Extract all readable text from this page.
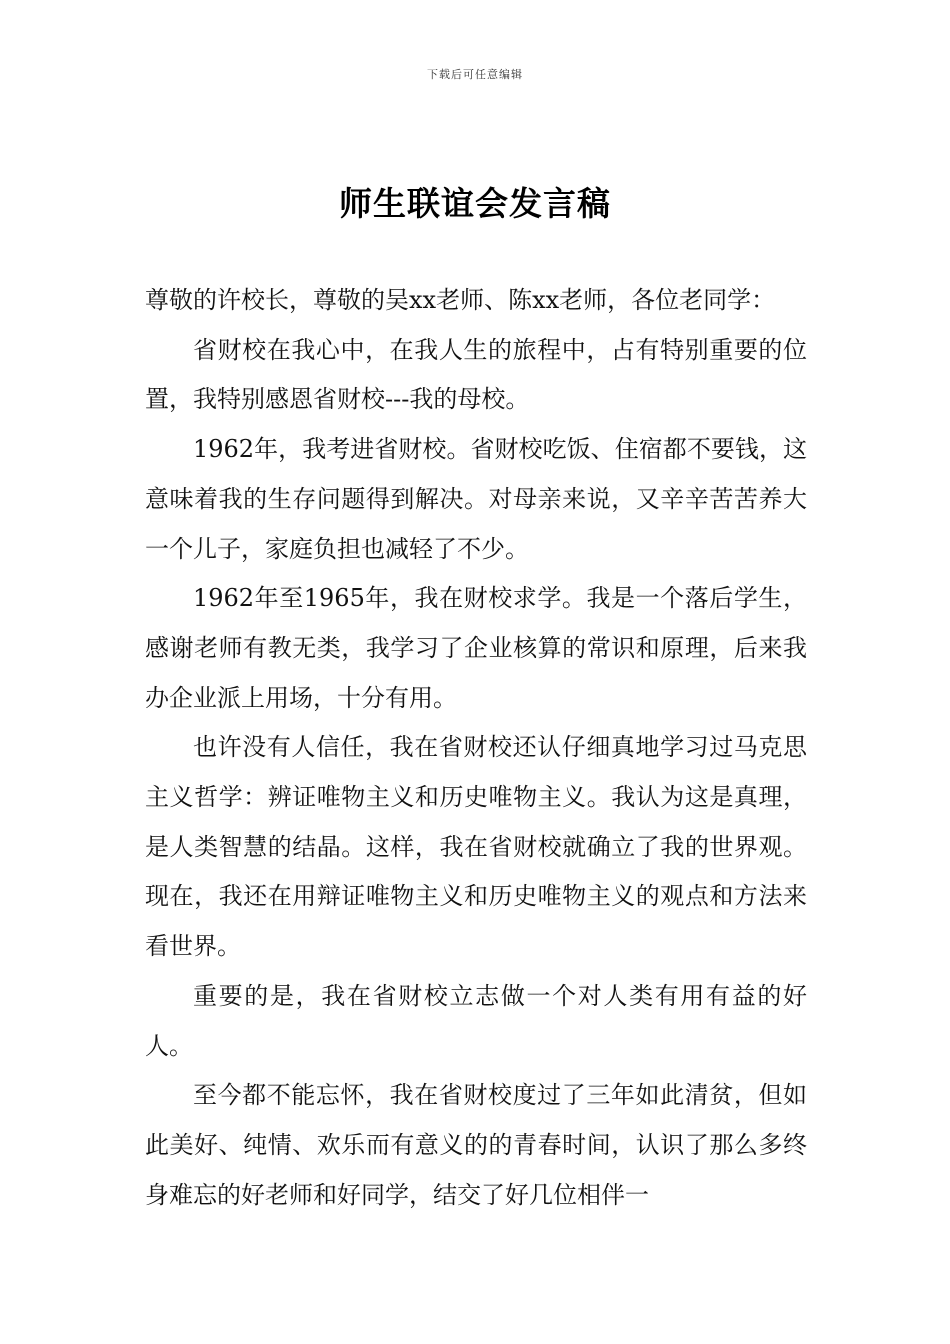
下载后可任意编辑
师生联谊会发言稿

尊敬的许校长，尊敬的吴xx老师、陈xx老师，各位老同学：

省财校在我心中，在我人生的旅程中，占有特别重要的位置，我特别感恩省财校---我的母校。

1962年，我考进省财校。省财校吃饭、住宿都不要钱，这意味着我的生存问题得到解决。对母亲来说，又辛辛苦苦养大一个儿子，家庭负担也减轻了不少。

1962年至1965年，我在财校求学。我是一个落后学生，感谢老师有教无类，我学习了企业核算的常识和原理，后来我办企业派上用场，十分有用。

也许没有人信任，我在省财校还认仔细真地学习过马克思主义哲学：辨证唯物主义和历史唯物主义。我认为这是真理，是人类智慧的结晶。这样，我在省财校就确立了我的世界观。现在，我还在用辩证唯物主义和历史唯物主义的观点和方法来看世界。

重要的是，我在省财校立志做一个对人类有用有益的好人。

至今都不能忘怀，我在省财校度过了三年如此清贫，但如此美好、纯情、欢乐而有意义的的青春时间，认识了那么多终身难忘的好老师和好同学，结交了好几位相伴一
